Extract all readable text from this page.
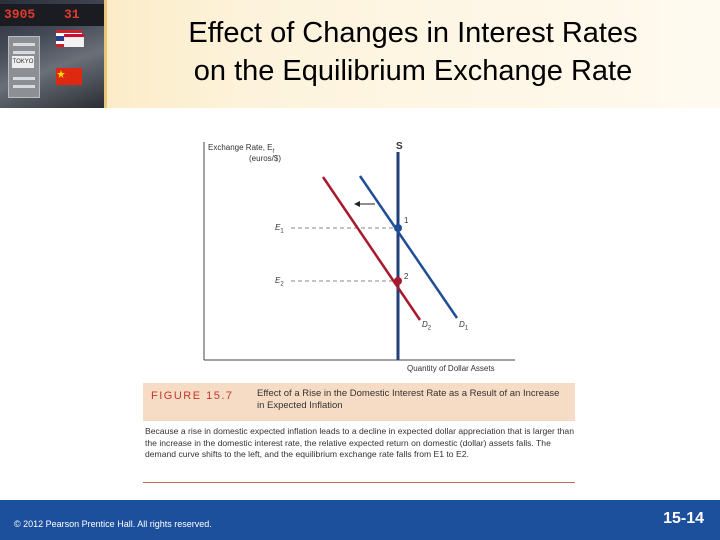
3905 31
TOKYO
Effect of Changes in Interest Rates
on the Equilibrium Exchange Rate
Exchange Rate, $E_t$
(euros/$)
S
$E_1$
$E_2$
1
2
$D_2$	$D_1$
Quantity of Dollar Assets
FIGURE 15.7 Effect of a Rise in the Domestic Interest Rate as a Result of an Increase in Expected Inflation
Because a rise in domestic expected inflation leads to a decline in expected dollar appreciation that is larger than the increase in the domestic interest rate, the relative expected return on domestic (dollar) assets falls. The demand curve shifts to the left, and the equilibrium exchange rate falls from E1 to E2.
© 2012 Pearson Prentice Hall. All rights reserved.	15-14
